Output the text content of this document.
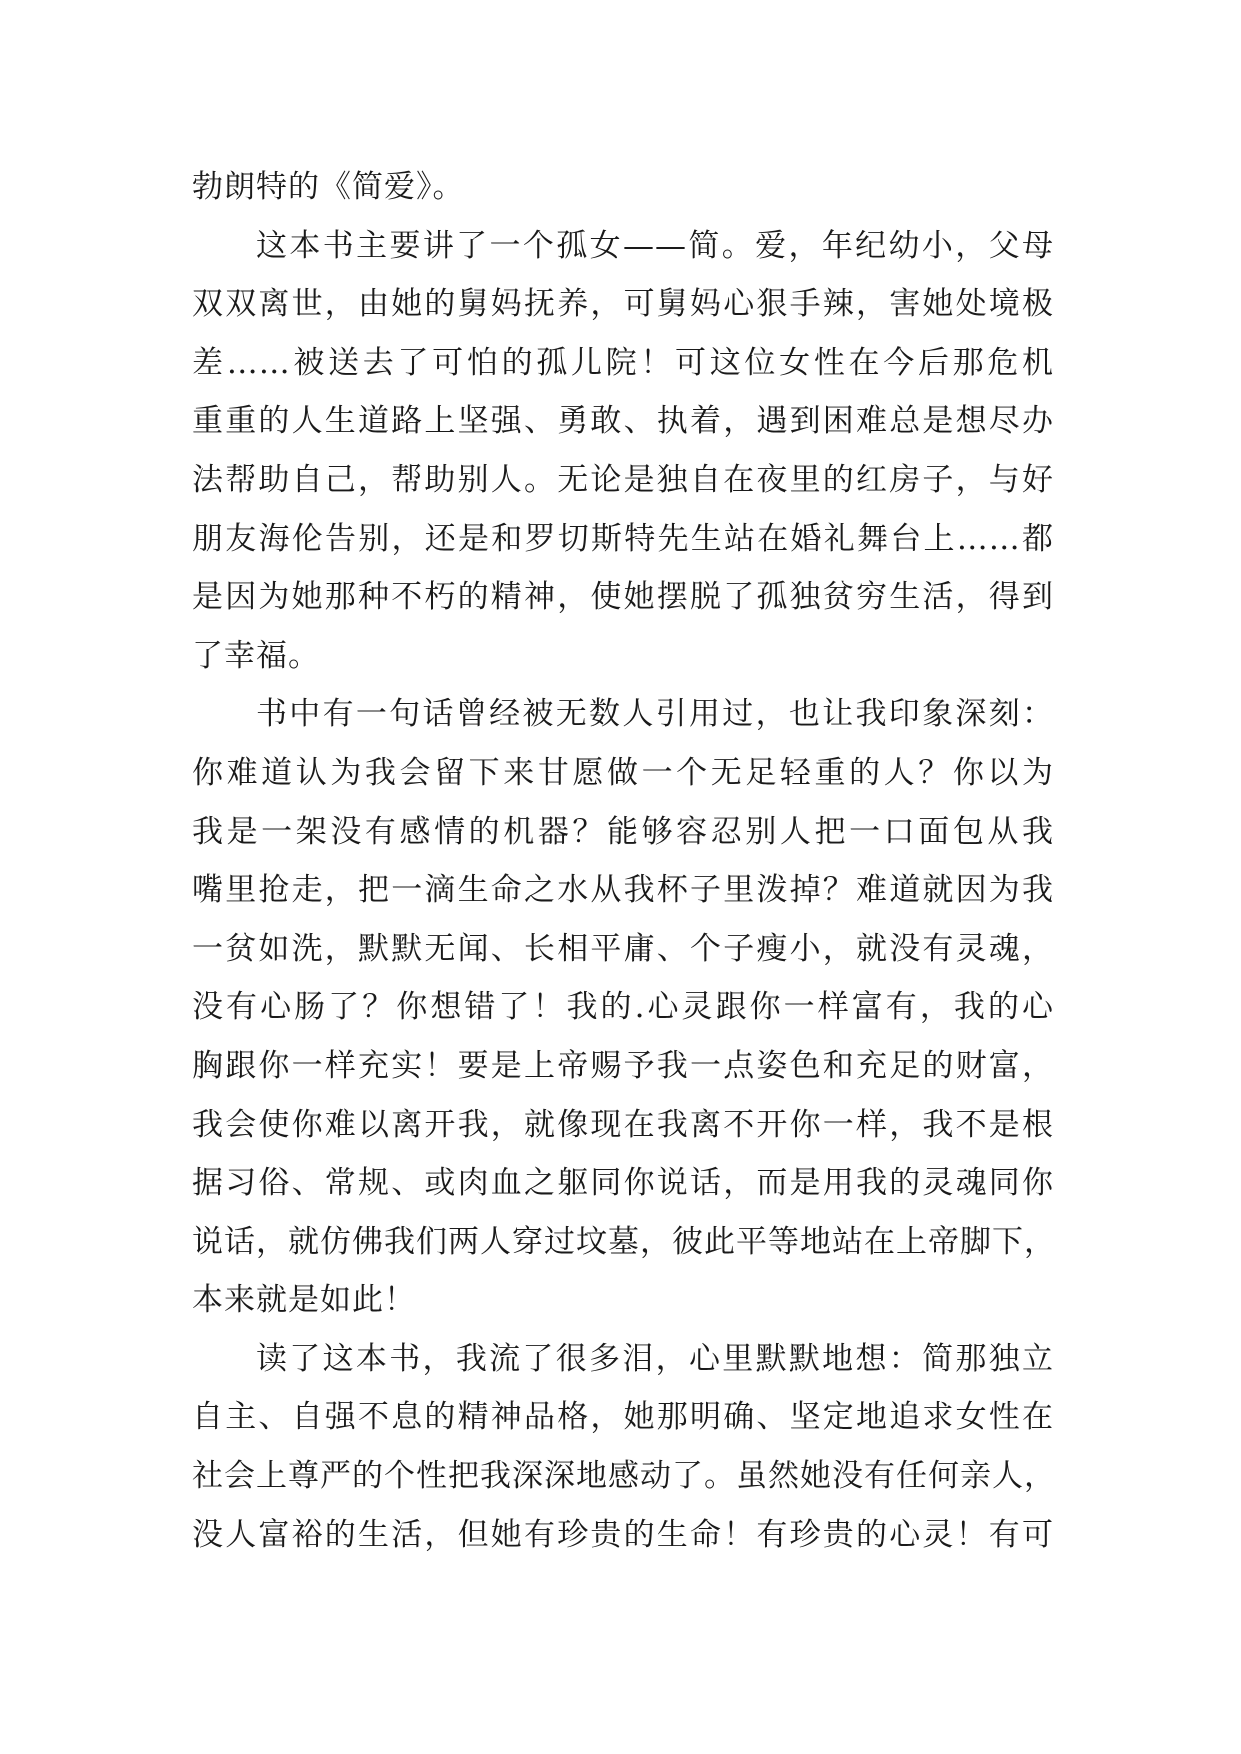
勃朗特的《简爱》。
这本书主要讲了一个孤女——简。爱，年纪幼小，父母
双双离世，由她的舅妈抚养，可舅妈心狠手辣，害她处境极
差……被送去了可怕的孤儿院！可这位女性在今后那危机
重重的人生道路上坚强、勇敢、执着，遇到困难总是想尽办
法帮助自己，帮助别人。无论是独自在夜里的红房子，与好
朋友海伦告别，还是和罗切斯特先生站在婚礼舞台上……都
是因为她那种不朽的精神，使她摆脱了孤独贫穷生活，得到
了幸福。
书中有一句话曾经被无数人引用过，也让我印象深刻：
你难道认为我会留下来甘愿做一个无足轻重的人？你以为
我是一架没有感情的机器？能够容忍别人把一口面包从我
嘴里抢走，把一滴生命之水从我杯子里泼掉？难道就因为我
一贫如洗，默默无闻、长相平庸、个子瘦小，就没有灵魂，
没有心肠了？你想错了！我的.心灵跟你一样富有，我的心
胸跟你一样充实！要是上帝赐予我一点姿色和充足的财富，
我会使你难以离开我，就像现在我离不开你一样，我不是根
据习俗、常规、或肉血之躯同你说话，而是用我的灵魂同你
说话，就仿佛我们两人穿过坟墓，彼此平等地站在上帝脚下，
本来就是如此！
读了这本书，我流了很多泪，心里默默地想：简那独立
自主、自强不息的精神品格，她那明确、坚定地追求女性在
社会上尊严的个性把我深深地感动了。虽然她没有任何亲人，
没人富裕的生活，但她有珍贵的生命！有珍贵的心灵！有可
